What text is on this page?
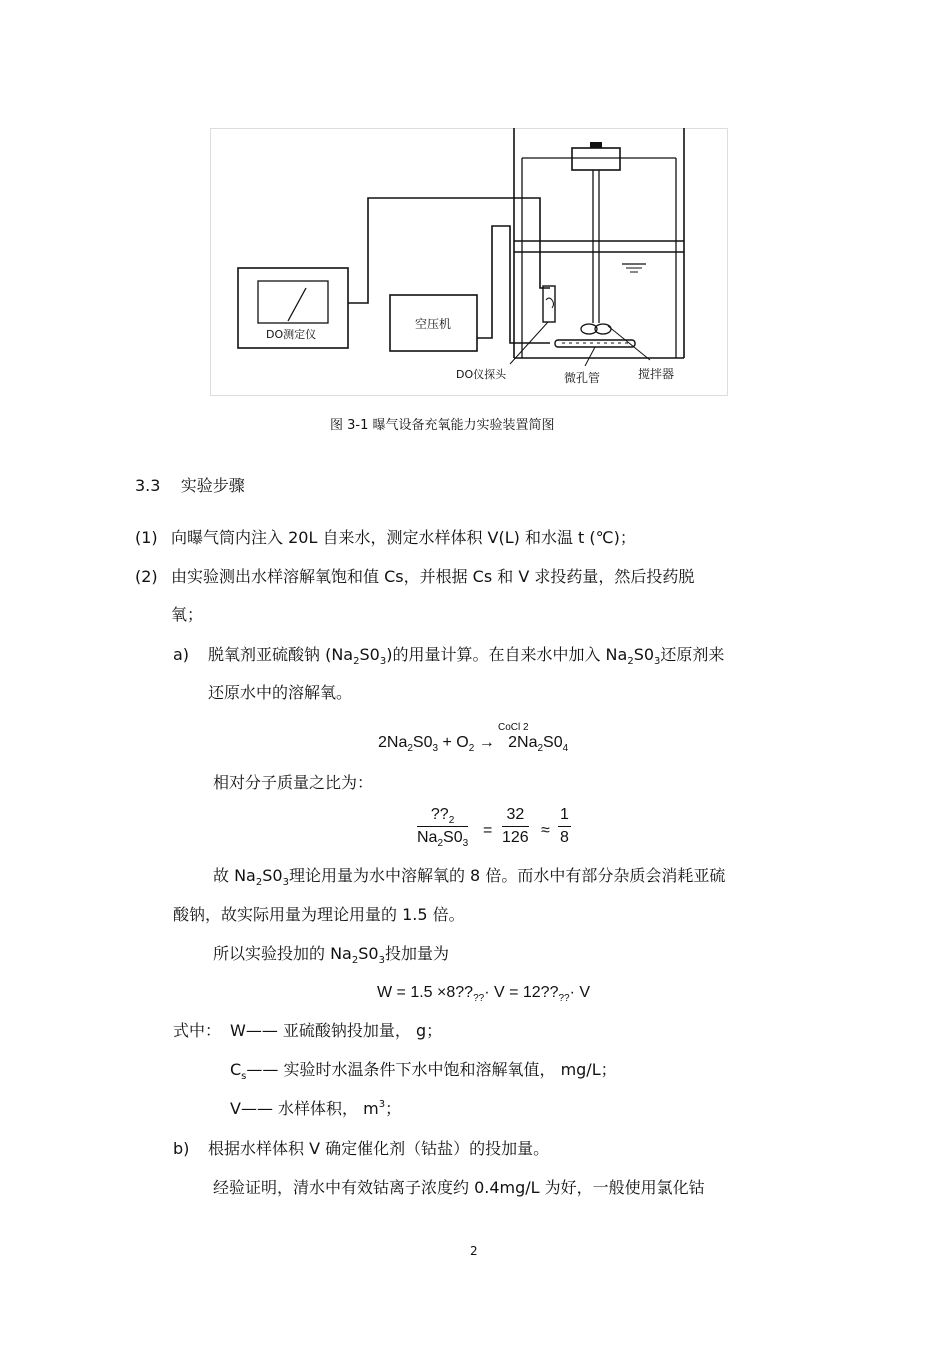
DO测定仪
空压机
DO仪探头	微孔管	搅拌器
图 3-1 曝气设备充氧能力实验装置简图
3.3 实验步骤
(1) 向曝气筒内注入 20L 自来水，测定水样体积 V(L) 和水温 t (℃)；
(2) 由实验测出水样溶解氧饱和值 Cs，并根据 Cs 和 V 求投药量，然后投药脱
氧；
a) 脱氧剂亚硫酸钠 $(Na_2S0_3)$的用量计算。在自来水中加入 $Na_2S0_3$还原剂来
还原水中的溶解氧。
CoCl 2
$2Na_2S0_3 + O_2 \to 2Na_2S0_4$
相对分子质量之比为：
$\frac{??_2}{Na_2S0_3} = \frac{32}{126} \approx \frac{1}{8}$
故 $Na_2S0_3$理论用量为水中溶解氧的 8 倍。而水中有部分杂质会消耗亚硫
酸钠，故实际用量为理论用量的 1.5 倍。
所以实验投加的 $Na_2S0_3$投加量为
$W = 1.5 \times 8??_{??}\cdot V$ = $12??_{??}\cdot V$
式中： W—— 亚硫酸钠投加量， g；
$C_s——$ 实验时水温条件下水中饱和溶解氧值， mg/L；
V—— 水样体积， $m^3$；
b) 根据水样体积 V 确定催化剂（钴盐）的投加量。
经验证明，清水中有效钴离子浓度约 0.4mg/L 为好，一般使用氯化钴
2
